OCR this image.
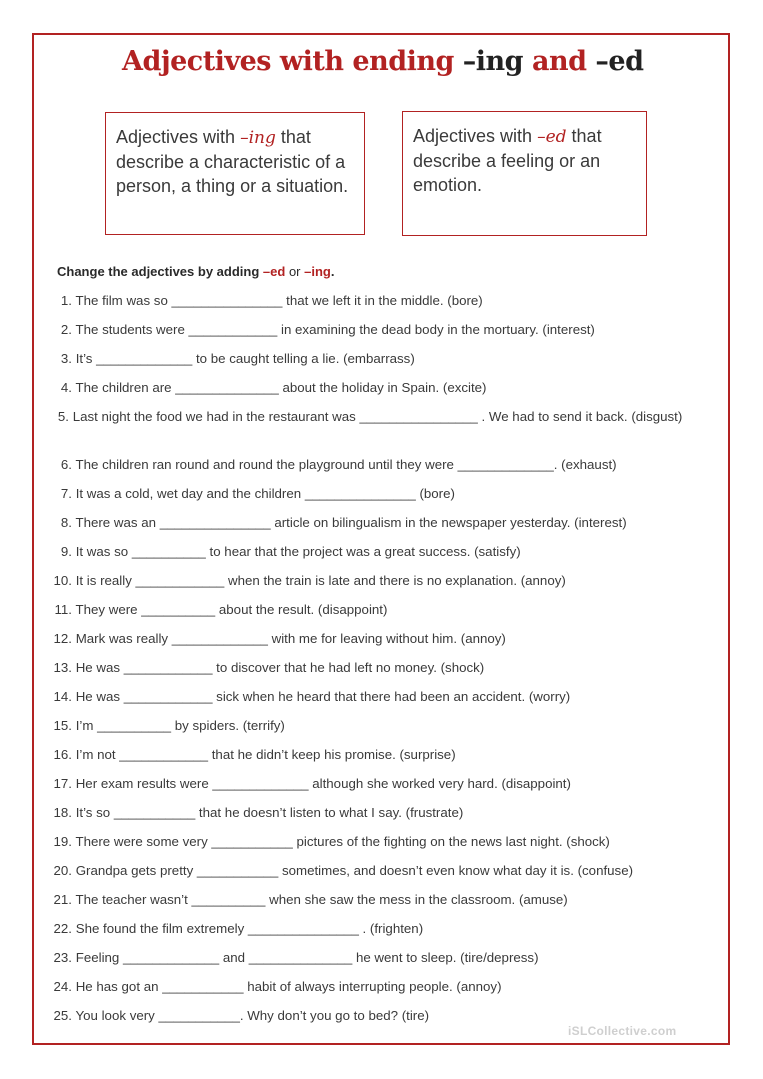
Adjectives with ending –ing and –ed
Adjectives with –ing that describe a characteristic of a person, a thing or a situation.
Adjectives with –ed that describe a feeling or an emotion.
Change the adjectives by adding –ed or –ing.
1. The film was so _______________ that we left it in the middle. (bore)
2. The students were ____________ in examining the dead body in the mortuary. (interest)
3. It’s _____________ to be caught telling a lie. (embarrass)
4. The children are ______________ about the holiday in Spain. (excite)
5. Last night the food we had in the restaurant was ________________ . We had to send it back. (disgust)
6. The children ran round and round the playground until they were _____________. (exhaust)
7. It was a cold, wet day and the children _______________ (bore)
8. There was an _______________ article on bilingualism in the newspaper yesterday. (interest)
9. It was so __________ to hear that the project was a great success. (satisfy)
10. It is really ____________ when the train is late and there is no explanation. (annoy)
11. They were __________ about the result. (disappoint)
12. Mark was really _____________ with me for leaving without him. (annoy)
13. He was ____________ to discover that he had left no money. (shock)
14. He was ____________ sick when he heard that there had been an accident. (worry)
15. I’m __________ by spiders. (terrify)
16. I’m not ____________ that he didn’t keep his promise. (surprise)
17. Her exam results were _____________ although she worked very hard. (disappoint)
18. It’s so ___________ that he doesn’t listen to what I say. (frustrate)
19. There were some very ___________ pictures of the fighting on the news last night. (shock)
20. Grandpa gets pretty ___________ sometimes, and doesn’t even know what day it is. (confuse)
21. The teacher wasn’t __________ when she saw the mess in the classroom. (amuse)
22. She found the film extremely _______________ . (frighten)
23. Feeling _____________ and ______________ he went to sleep. (tire/depress)
24. He has got an ___________ habit of always interrupting people. (annoy)
25. You look very ___________. Why don’t you go to bed? (tire)
iSLCollective.com
